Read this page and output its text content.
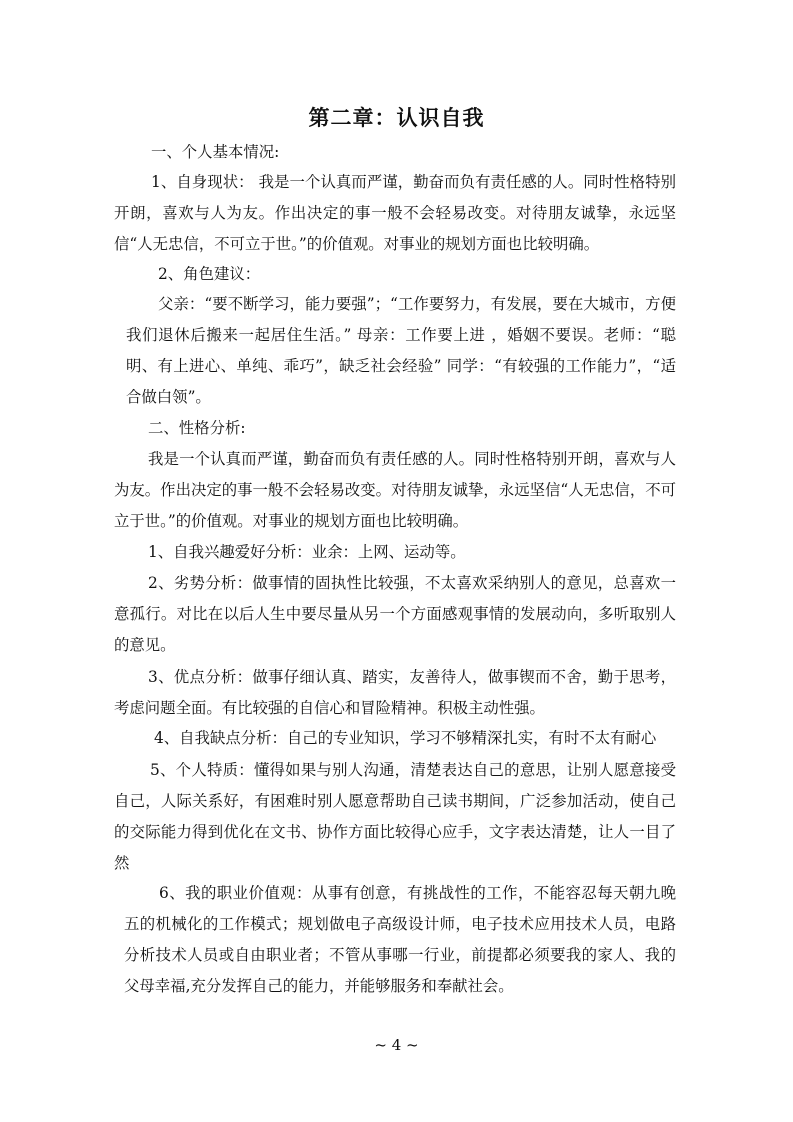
第二章：认识自我

一、个人基本情况:

1、自身现状： 我是一个认真而严谨，勤奋而负有责任感的人。同时性格特别开朗，喜欢与人为友。作出决定的事一般不会轻易改变。对待朋友诚挚，永远坚信“人无忠信，不可立于世。”的价值观。对事业的规划方面也比较明确。

2、角色建议：

父亲：“要不断学习，能力要强”；“工作要努力，有发展，要在大城市，方便我们退休后搬来一起居住生活。” 母亲：工作要上进 ，婚姻不要误。老师：“聪明、有上进心、单纯、乖巧”，缺乏社会经验” 同学：“有较强的工作能力”，“适合做白领”。

二、性格分析:

我是一个认真而严谨，勤奋而负有责任感的人。同时性格特别开朗，喜欢与人为友。作出决定的事一般不会轻易改变。对待朋友诚挚，永远坚信“人无忠信，不可立于世。”的价值观。对事业的规划方面也比较明确。

1、自我兴趣爱好分析：业余：上网、运动等。

2、劣势分析：做事情的固执性比较强，不太喜欢采纳别人的意见，总喜欢一意孤行。对比在以后人生中要尽量从另一个方面感观事情的发展动向，多听取别人的意见。

3、优点分析：做事仔细认真、踏实，友善待人，做事锲而不舍，勤于思考，考虑问题全面。有比较强的自信心和冒险精神。积极主动性强。

4、自我缺点分析：自己的专业知识，学习不够精深扎实，有时不太有耐心

5、个人特质：懂得如果与别人沟通，清楚表达自己的意思，让别人愿意接受自己，人际关系好，有困难时别人愿意帮助自己读书期间，广泛参加活动，使自己的交际能力得到优化在文书、协作方面比较得心应手，文字表达清楚，让人一目了然

6、我的职业价值观：从事有创意，有挑战性的工作，不能容忍每天朝九晚五的机械化的工作模式；规划做电子高级设计师，电子技术应用技术人员，电路分析技术人员或自由职业者；不管从事哪一行业，前提都必须要我的家人、我的父母幸福,充分发挥自己的能力，并能够服务和奉献社会。

~ 4 ~
